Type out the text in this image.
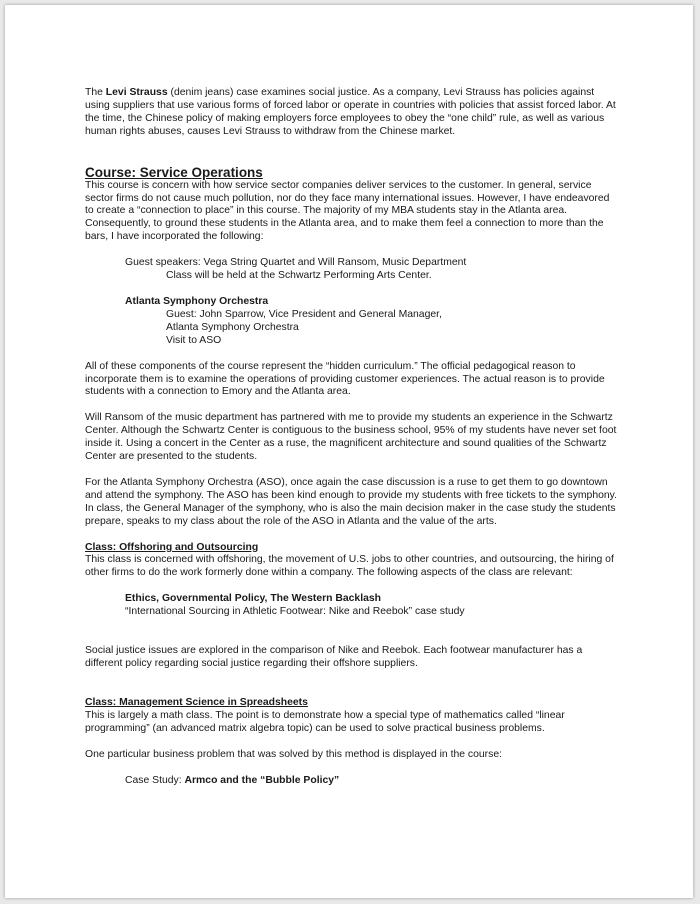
The Levi Strauss (denim jeans) case examines social justice. As a company, Levi Strauss has policies against using suppliers that use various forms of forced labor or operate in countries with policies that assist forced labor. At the time, the Chinese policy of making employers force employees to obey the “one child” rule, as well as various human rights abuses, causes Levi Strauss to withdraw from the Chinese market.

Course: Service Operations

This course is concern with how service sector companies deliver services to the customer. In general, service sector firms do not cause much pollution, nor do they face many international issues. However, I have endeavored to create a “connection to place” in this course. The majority of my MBA students stay in the Atlanta area. Consequently, to ground these students in the Atlanta area, and to make them feel a connection to more than the bars, I have incorporated the following:

Guest speakers: Vega String Quartet and Will Ransom, Music Department

Class will be held at the Schwartz Performing Arts Center.

Atlanta Symphony Orchestra

Guest: John Sparrow, Vice President and General Manager,

Atlanta Symphony Orchestra

Visit to ASO

All of these components of the course represent the “hidden curriculum.” The official pedagogical reason to incorporate them is to examine the operations of providing customer experiences. The actual reason is to provide students with a connection to Emory and the Atlanta area.

Will Ransom of the music department has partnered with me to provide my students an experience in the Schwartz Center. Although the Schwartz Center is contiguous to the business school, 95% of my students have never set foot inside it. Using a concert in the Center as a ruse, the magnificent architecture and sound qualities of the Schwartz Center are presented to the students.

For the Atlanta Symphony Orchestra (ASO), once again the case discussion is a ruse to get them to go downtown and attend the symphony. The ASO has been kind enough to provide my students with free tickets to the symphony. In class, the General Manager of the symphony, who is also the main decision maker in the case study the students prepare, speaks to my class about the role of the ASO in Atlanta and the value of the arts.

Class: Offshoring and Outsourcing

This class is concerned with offshoring, the movement of U.S. jobs to other countries, and outsourcing, the hiring of other firms to do the work formerly done within a company. The following aspects of the class are relevant:

Ethics, Governmental Policy, The Western Backlash

“International Sourcing in Athletic Footwear: Nike and Reebok” case study

Social justice issues are explored in the comparison of Nike and Reebok. Each footwear manufacturer has a different policy regarding social justice regarding their offshore suppliers.

Class: Management Science in Spreadsheets

This is largely a math class. The point is to demonstrate how a special type of mathematics called “linear programming” (an advanced matrix algebra topic) can be used to solve practical business problems.

One particular business problem that was solved by this method is displayed in the course:

Case Study: Armco and the “Bubble Policy”
